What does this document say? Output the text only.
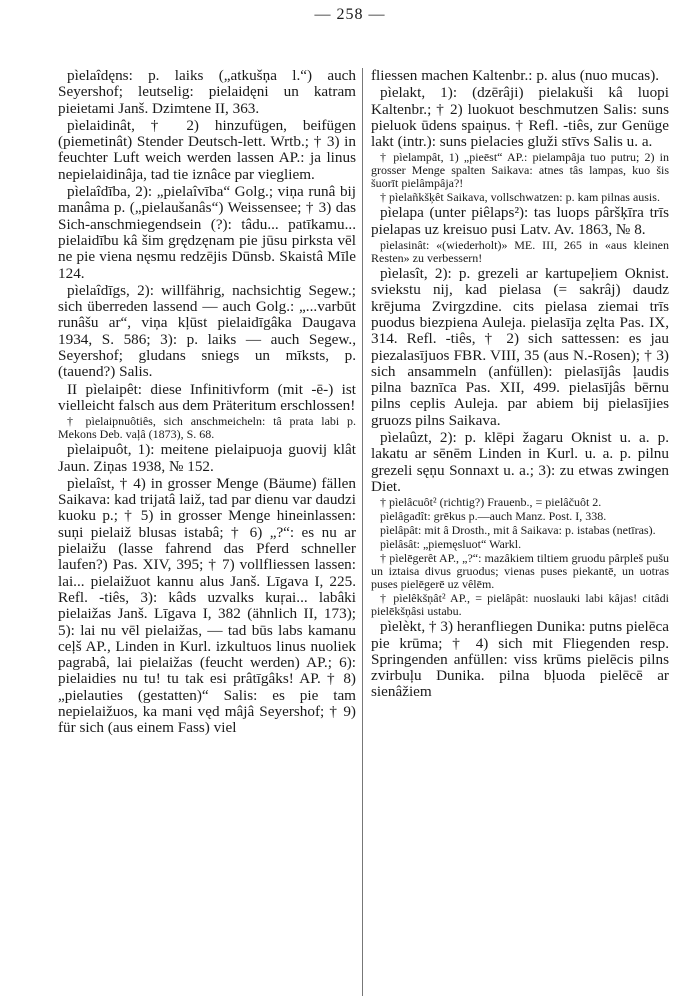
— 258 —

pìelaîdęns: p. laiks („atkušņa l.“) auch Seyershof; leutselig: pielaidęni un katram pieietami Janš. Dzimtene II, 363.

pìelaidinât, † 2) hinzufügen, beifügen (piemetinât) Stender Deutsch-lett. Wrtb.; † 3) in feuchter Luft weich werden lassen AP.: ja linus nepielaidinâja, tad tie iznâce par viegliem.

pìelaîdība, 2): „pielaîvība“ Golg.; viņa runâ bij manâma p. („pielaušanâs“) Weissensee; † 3) das Sich-anschmiegendsein (?): tâdu... patīkamu... pielaidību kâ šim grędzęnam pie jūsu pirksta vēl ne pie viena nęsmu redzējis Dūnsb. Skaistâ Mīle 124.

pìelaîdīgs, 2): willfährig, nachsichtig Segew.; sich überreden lassend — auch Golg.: „...varbūt runâšu ar“, viņa kļūst pielaidīgâka Daugava 1934, S. 586; 3): p. laiks — auch Segew., Seyershof; gludans sniegs un mīksts, p. (tauend?) Salis.

II pìelaipêt: diese Infinitivform (mit -ē-) ist vielleicht falsch aus dem Präteritum erschlossen!

† pìelaipnuôtiês, sich anschmeicheln: tâ prata labi p. Mekons Deb. vaļâ (1873), S. 68.

pìelaipuôt, 1): meitene pielaipuoja guovij klât Jaun. Ziņas 1938, № 152.

pìelaîst, † 4) in grosser Menge (Bäume) fällen Saikava: kad trijatâ laiž, tad par dienu var daudzi kuoku p.; † 5) in grosser Menge hineinlassen: suņi pielaiž blusas istabâ; † 6) „?“: es nu ar pielaižu (lasse fahrend das Pferd schneller laufen?) Pas. XIV, 395; † 7) vollfliessen lassen: lai... pielaižuot kannu alus Janš. Līgava I, 225. Refl. -tiês, 3): kâds uzvalks kuŗai... labâki pielaižas Janš. Līgava I, 382 (ähnlich II, 173); 5): lai nu vēl pielaižas, — tad būs labs kamanu ceļš AP., Linden in Kurl. izkultuos linus nuoliek pagrabâ, lai pielaižas (feucht werden) AP.; 6): pielaidies nu tu! tu tak esi prâtīgâks! AP. † 8) „pielauties (gestatten)“ Salis: es pie tam nepielaižuos, ka mani vęd mâjâ Seyershof; † 9) für sich (aus einem Fass) viel

fliessen machen Kaltenbr.: p. alus (nuo mucas).

pìelakt, 1): (dzērâji) pielakuši kâ luopi Kaltenbr.; † 2) luokuot beschmutzen Salis: suns pieluok ūdens spaiņus. † Refl. -tiês, zur Genüge lakt (intr.): suns pielacies gluži stīvs Salis u. a.

† pìelampât, 1) „pieēst“ AP.: pielampâja tuo putru; 2) in grosser Menge spalten Saikava: atnes tâs lampas, kuo šis šuorīt pielâmpâja?!

† pìelañkšķêt Saikava, vollschwatzen: p. kam pilnas ausis.

pìelapa (unter piêlaps²): tas luops pâršķīra trīs pielapas uz kreisuo pusi Latv. Av. 1863, № 8.

pìelasinât: «(wiederholt)» ME. III, 265 in «aus kleinen Resten» zu verbessern!

pìelasît, 2): p. grezeli ar kartupeļiem Oknist. sviekstu nij, kad pielasa (= sakrâj) daudz krējuma Zvirgzdine. cits pielasa ziemai trīs puodus biezpiena Auleja. pielasīja zęlta Pas. IX, 314. Refl. -tiês, † 2) sich sattessen: es jau piezalasījuos FBR. VIII, 35 (aus N.-Rosen); † 3) sich ansammeln (anfüllen): pielasījâs ļaudis pilna baznīca Pas. XII, 499. pielasījâs bērnu pilns ceplis Auleja. par abiem bij pielasījies gruozs pilns Saikava.

pìelaûzt, 2): p. klēpi žagaru Oknist u. a. p. lakatu ar sēnēm Linden in Kurl. u. a. p. pilnu grezeli sęņu Sonnaxt u. a.; 3): zu etwas zwingen Diet.

† pìelâcuôt² (richtig?) Frauenb., = pielâčuôt 2.

pìelâgadît: grēkus p.—auch Manz. Post. I, 338.

pìelâpât: mit â Drosth., mit â Saikava: p. istabas (netīras).

pìelâsât: „piemęsluot“ Warkl.

† pìelēgerêt AP., „?“: mazâkiem tiltiem gruodu pârpleš pušu un iztaisa divus gruodus; vienas puses piekantē, un uotras puses pielēgerē uz vêlēm.

† pìelêkšņât² AP., = pielâpât: nuoslauki labi kâjas! citâdi pielēkšņâsi ustabu.

pìelèkt, † 3) heranfliegen Dunika: putns pielēca pie krūma; † 4) sich mit Fliegenden resp. Springenden anfüllen: viss krūms pielēcis pilns zvirbuļu Dunika. pilna bļuoda pielēcē ar sienâžiem
